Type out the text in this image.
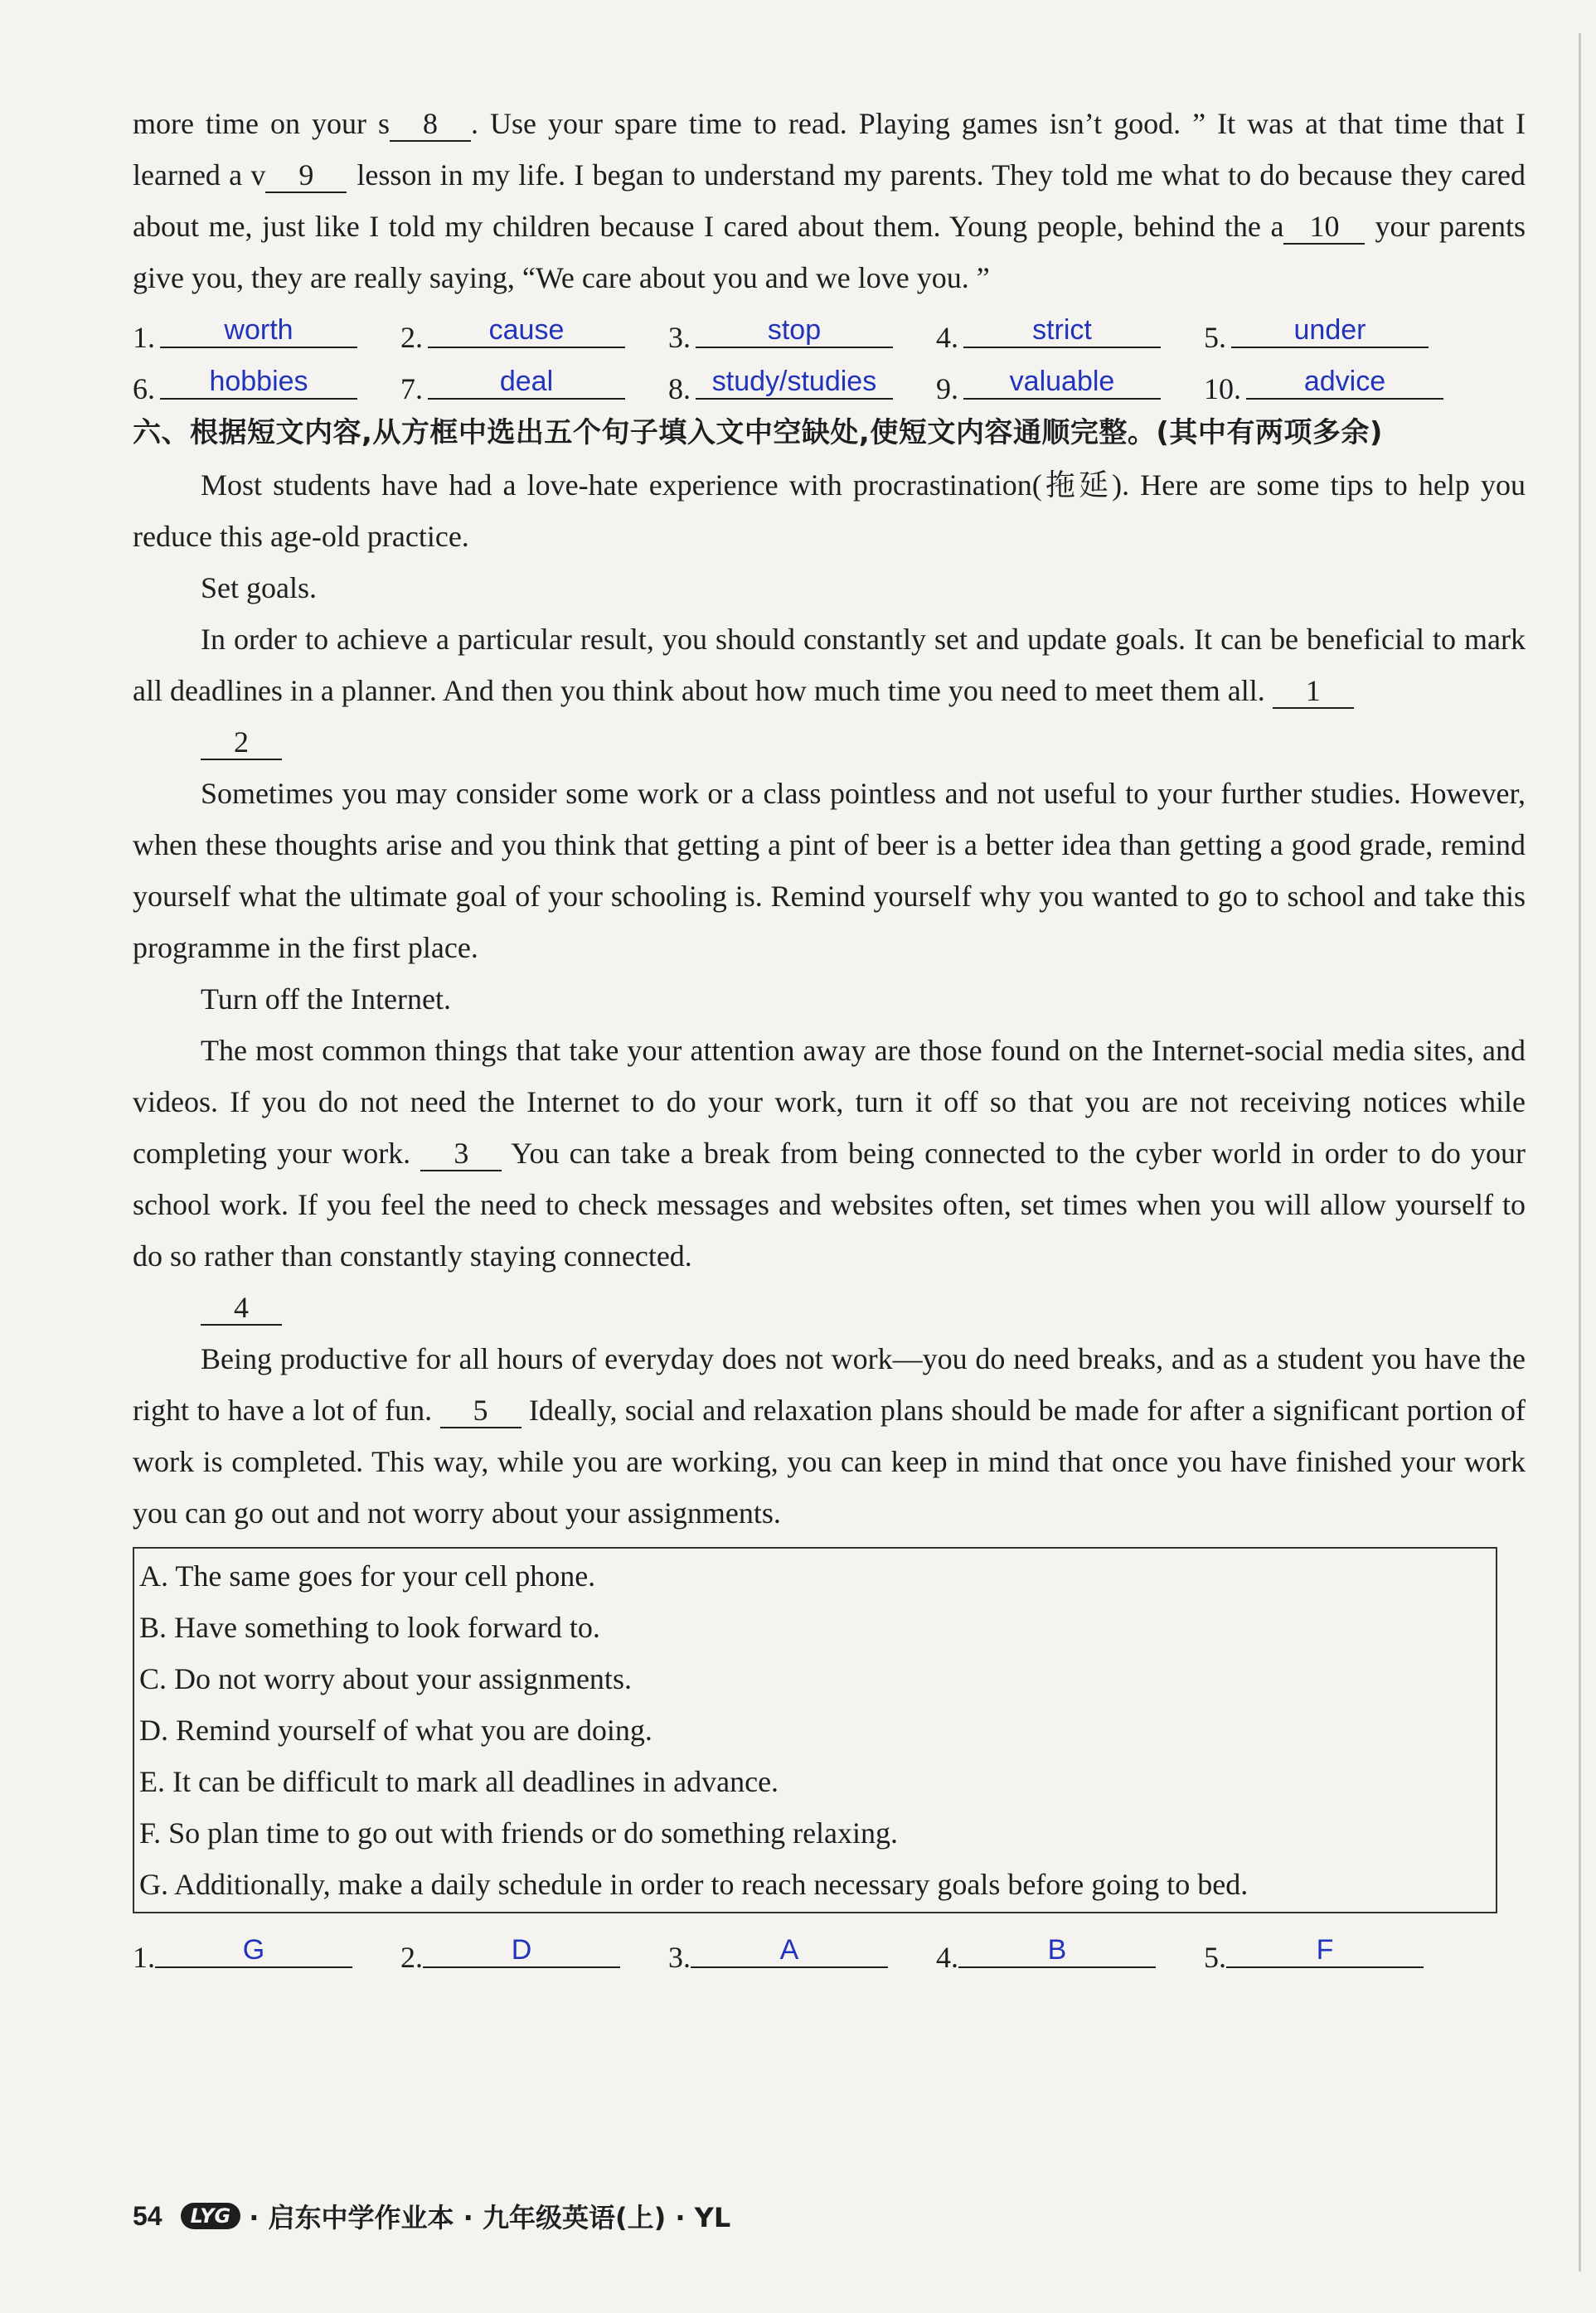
more time on your s 8 . Use your spare time to read. Playing games isn’t good. ” It was at that time that I learned a v 9 lesson in my life. I began to understand my parents. They told me what to do because they cared about me, just like I told my children because I cared about them. Young people, behind the a 10 your parents give you, they are really saying, “We care about you and we love you. ”

1.	worth	2.	cause	3.	stop	4.	strict	5.	under
6.	hobbies	7.	deal	8. study/studies	9.	valuable	10.	advice

六、根据短文内容,从方框中选出五个句子填入文中空缺处,使短文内容通顺完整。(其中有两项多余)

Most students have had a love-hate experience with procrastination(拖延). Here are some tips to help you reduce this age-old practice.

Set goals.

In order to achieve a particular result, you should constantly set and update goals. It can be beneficial to mark all deadlines in a planner. And then you think about how much time you need to meet them all. 1

2

Sometimes you may consider some work or a class pointless and not useful to your further studies. However, when these thoughts arise and you think that getting a pint of beer is a better idea than getting a good grade, remind yourself what the ultimate goal of your schooling is. Remind yourself why you wanted to go to school and take this programme in the first place.

Turn off the Internet.

The most common things that take your attention away are those found on the Internet-social media sites, and videos. If you do not need the Internet to do your work, turn it off so that you are not receiving notices while completing your work. 3 You can take a break from being connected to the cyber world in order to do your school work. If you feel the need to check messages and websites often, set times when you will allow yourself to do so rather than constantly staying connected.

4

Being productive for all hours of everyday does not work—you do need breaks, and as a student you have the right to have a lot of fun. 5 Ideally, social and relaxation plans should be made for after a significant portion of work is completed. This way, while you are working, you can keep in mind that once you have finished your work you can go out and not worry about your assignments.

A. The same goes for your cell phone.

B. Have something to look forward to.

C. Do not worry about your assignments.

D. Remind yourself of what you are doing.

E. It can be difficult to mark all deadlines in advance.

F. So plan time to go out with friends or do something relaxing.

G. Additionally, make a daily schedule in order to reach necessary goals before going to bed.

1.	G	2.	D	3.	A	4.	B	5.	F
54	LYG · 启东中学作业本 · 九年级英语(上) · YL
